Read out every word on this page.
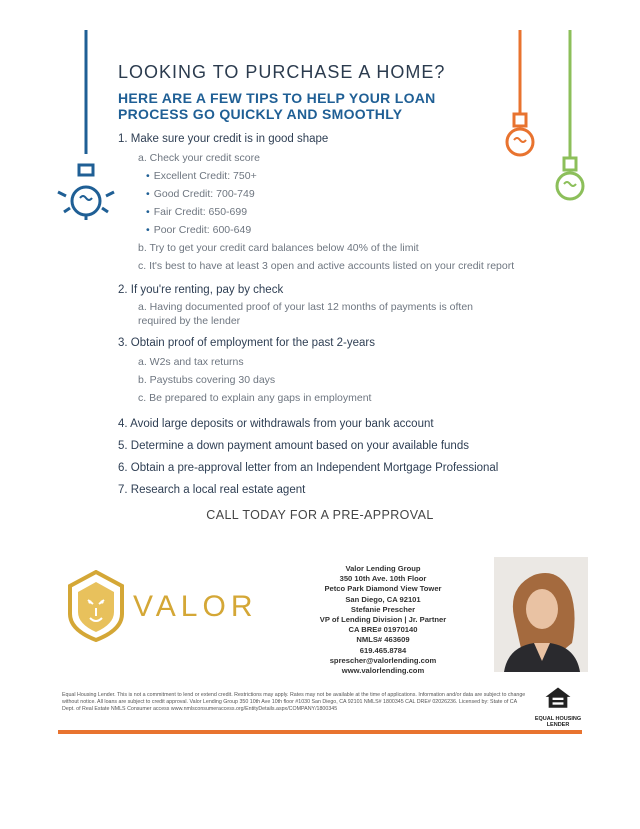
LOOKING TO PURCHASE A HOME?
HERE ARE A FEW TIPS TO HELP YOUR LOAN PROCESS GO QUICKLY AND SMOOTHLY
1. Make sure your credit is in good shape
a. Check your credit score
• Excellent Credit: 750+
• Good Credit: 700-749
• Fair Credit: 650-699
• Poor Credit: 600-649
b. Try to get your credit card balances below 40% of the limit
c. It's best to have at least 3 open and active accounts listed on your credit report
2. If you're renting, pay by check
a. Having documented proof of your last 12 months of payments is often required by the lender
3. Obtain proof of employment for the past 2-years
a. W2s and tax returns
b. Paystubs covering 30 days
c. Be prepared to explain any gaps in employment
4. Avoid large deposits or withdrawals from your bank account
5. Determine a down payment amount based on your available funds
6. Obtain a pre-approval letter from an Independent Mortgage Professional
7. Research a local real estate agent
CALL TODAY FOR A PRE-APPROVAL
VALOR
Valor Lending Group
350 10th Ave. 10th Floor
Petco Park Diamond View Tower
San Diego, CA 92101
Stefanie Prescher
VP of Lending Division | Jr. Partner
CA BRE# 01970140
NMLS# 463609
619.465.8784
sprescher@valorlending.com
www.valorlending.com
Equal Housing Lender. This is not a commitment to lend or extend credit. Restrictions may apply. Rates may not be available at the time of applications. Information and/or data are subject to change without notice. All loans are subject to credit approval. Valor Lending Group 350 10th Ave 10th floor #1030 San Diego, CA 92101 NMLS# 1800345 CAL DRE# 02026236. Licensed by: State of CA Dept. of Real Estate NMLS Consumer access www.nmlsconsumeraccess.org/EntityDetails.aspx/COMPANY/1800345
EQUAL HOUSING LENDER
